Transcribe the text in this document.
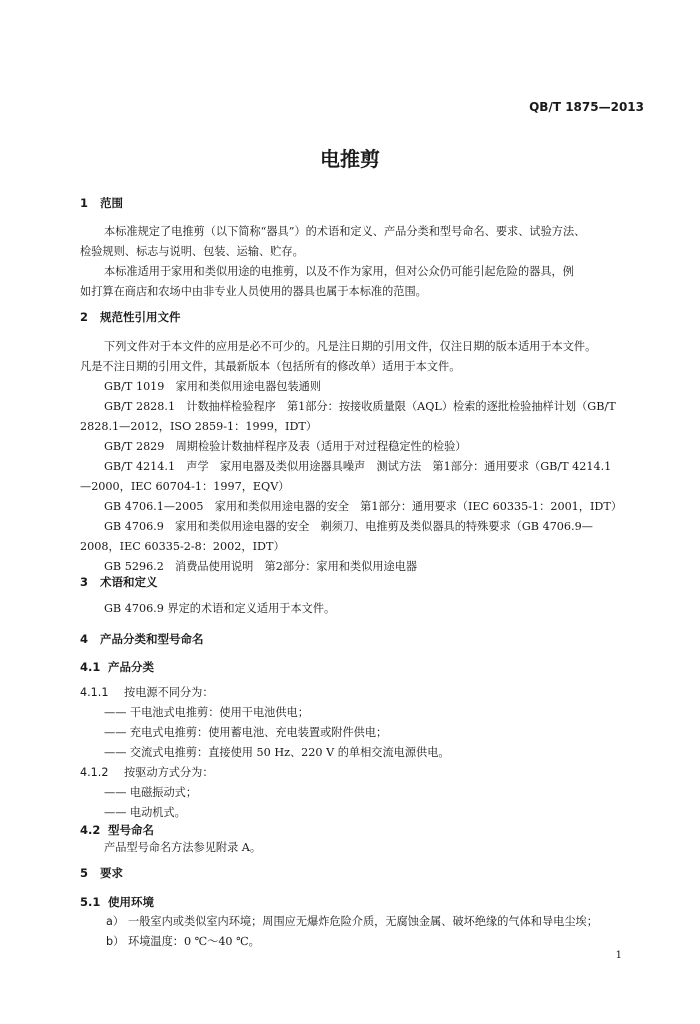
QB/T 1875—2013
电推剪
1 范围
本标准规定了电推剪（以下简称“器具”）的术语和定义、产品分类和型号命名、要求、试验方法、
检验规则、标志与说明、包装、运输、贮存。
本标准适用于家用和类似用途的电推剪，以及不作为家用，但对公众仍可能引起危险的器具，例
如打算在商店和农场中由非专业人员使用的器具也属于本标准的范围。
2 规范性引用文件
下列文件对于本文件的应用是必不可少的。凡是注日期的引用文件，仅注日期的版本适用于本文件。
凡是不注日期的引用文件，其最新版本（包括所有的修改单）适用于本文件。
GB/T 1019　家用和类似用途电器包装通则
GB/T 2828.1　计数抽样检验程序　第1部分：按接收质量限（AQL）检索的逐批检验抽样计划（GB/T
2828.1—2012，ISO 2859-1：1999，IDT）
GB/T 2829　周期检验计数抽样程序及表（适用于对过程稳定性的检验）
GB/T 4214.1　声学　家用电器及类似用途器具噪声　测试方法　第1部分：通用要求（GB/T 4214.1
—2000，IEC 60704-1：1997，EQV）
GB 4706.1—2005　家用和类似用途电器的安全　第1部分：通用要求（IEC 60335-1：2001，IDT）
GB 4706.9　家用和类似用途电器的安全　剃须刀、电推剪及类似器具的特殊要求（GB 4706.9—
2008，IEC 60335-2-8：2002，IDT）
GB 5296.2　消费品使用说明　第2部分：家用和类似用途电器
3 术语和定义
GB 4706.9 界定的术语和定义适用于本文件。
4 产品分类和型号命名
4.1 产品分类
4.1.1 按电源不同分为：
—— 干电池式电推剪：使用干电池供电；
—— 充电式电推剪：使用蓄电池、充电装置或附件供电；
—— 交流式电推剪：直接使用 50 Hz、220 V 的单相交流电源供电。
4.1.2 按驱动方式分为：
—— 电磁振动式；
—— 电动机式。
4.2 型号命名
产品型号命名方法参见附录 A。
5 要求
5.1 使用环境
a） 一般室内或类似室内环境；周围应无爆炸危险介质，无腐蚀金属、破坏绝缘的气体和导电尘埃；
b） 环境温度：0 ℃～40 ℃。
1
